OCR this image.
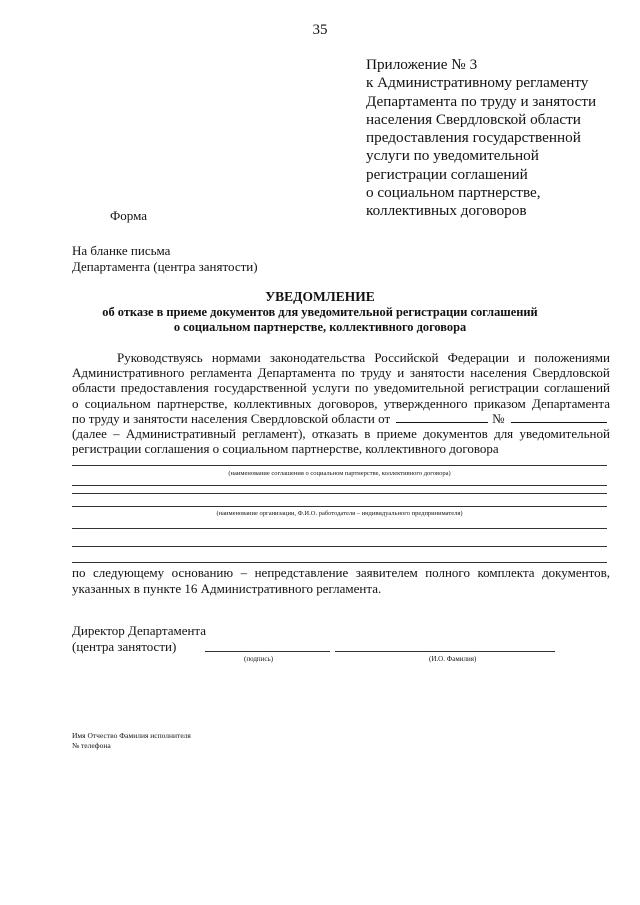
35
Приложение № 3
к Административному регламенту
Департамента по труду и занятости
населения Свердловской области
предоставления государственной
услуги по уведомительной
регистрации соглашений
о социальном партнерстве,
коллективных договоров
Форма
На бланке письма
Департамента (центра занятости)
УВЕДОМЛЕНИЕ
об отказе в приеме документов для уведомительной регистрации соглашений
о социальном партнерстве, коллективного договора
Руководствуясь нормами законодательства Российской Федерации и положениями
Административного регламента Департамента по труду и занятости населения Свердловской
области предоставления государственной услуги по уведомительной регистрации соглашений
о социальном партнерстве, коллективных договоров, утвержденного приказом Департамента
по труду и занятости населения Свердловской области от	№
(далее – Административный регламент), отказать в приеме документов для уведомительной
регистрации соглашения о социальном партнерстве, коллективного договора
(наименование соглашения о социальном партнерстве, коллективного договора)
(наименование организации, Ф.И.О. работодателя – индивидуального предпринимателя)
по следующему основанию – непредставление заявителем полного комплекта документов,
указанных в пункте 16 Административного регламента.
Директор Департамента
(центра занятости)
(подпись)	(И.О. Фамилия)
Имя Отчество Фамилия исполнителя
№ телефона
